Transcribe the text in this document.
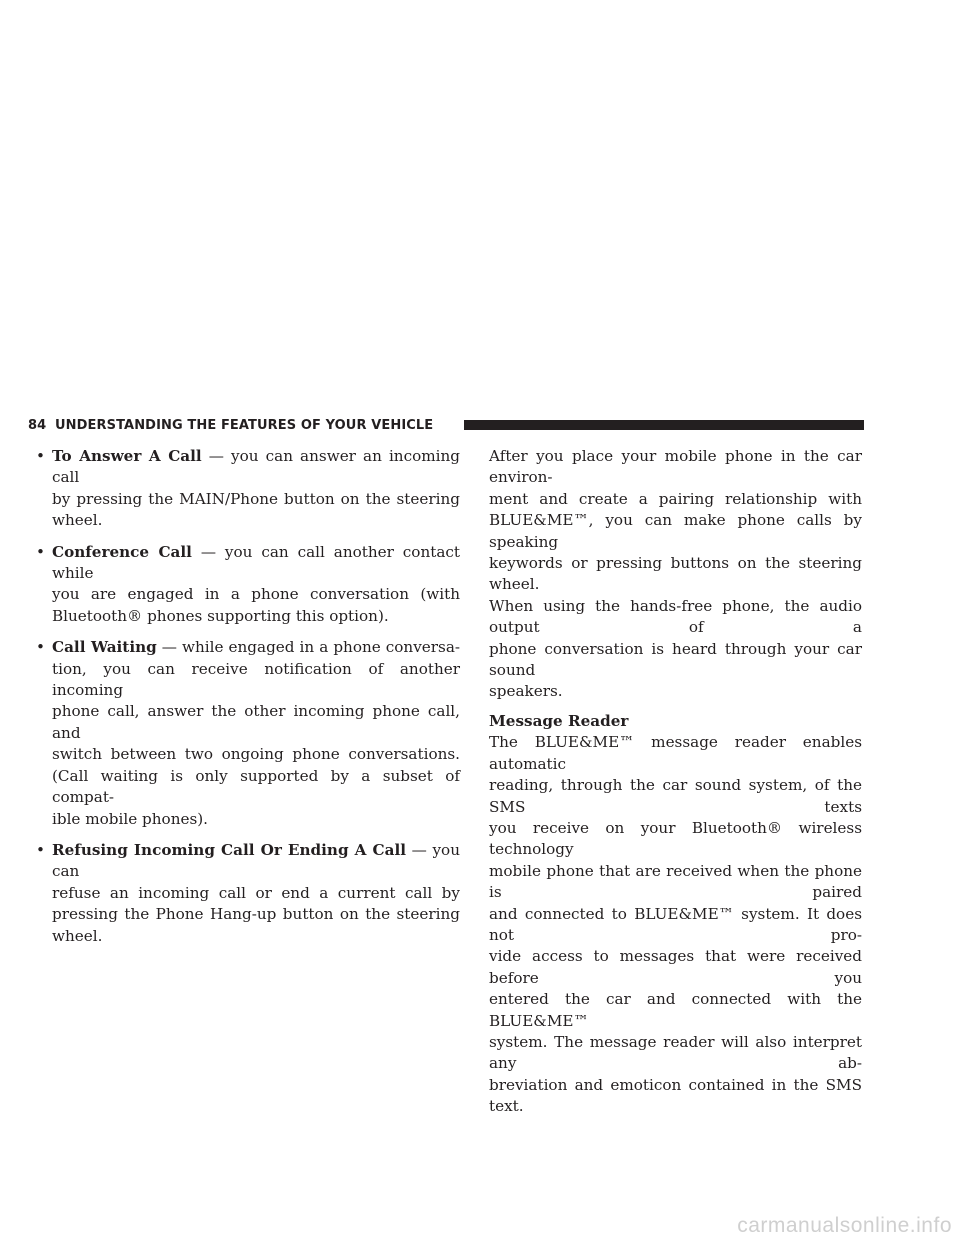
84 UNDERSTANDING THE FEATURES OF YOUR VEHICLE
• To Answer A Call — you can answer an incoming call
by pressing the MAIN/Phone button on the steering
wheel.
• Conference Call — you can call another contact while
you are engaged in a phone conversation (with
Bluetooth® phones supporting this option).
• Call Waiting — while engaged in a phone conversa-
tion, you can receive notification of another incoming
phone call, answer the other incoming phone call, and
switch between two ongoing phone conversations.
(Call waiting is only supported by a subset of compat-
ible mobile phones).
• Refusing Incoming Call Or Ending A Call — you can
refuse an incoming call or end a current call by
pressing the Phone Hang-up button on the steering
wheel.

After you place your mobile phone in the car environ-
ment and create a pairing relationship with
BLUE&ME™, you can make phone calls by speaking
keywords or pressing buttons on the steering wheel.
When using the hands-free phone, the audio output of a
phone conversation is heard through your car sound
speakers.

Message Reader

The BLUE&ME™ message reader enables automatic
reading, through the car sound system, of the SMS texts
you receive on your Bluetooth® wireless technology
mobile phone that are received when the phone is paired
and connected to BLUE&ME™ system. It does not pro-
vide access to messages that were received before you
entered the car and connected with the BLUE&ME™
system. The message reader will also interpret any ab-
breviation and emoticon contained in the SMS text.

carmanualsonline.info
